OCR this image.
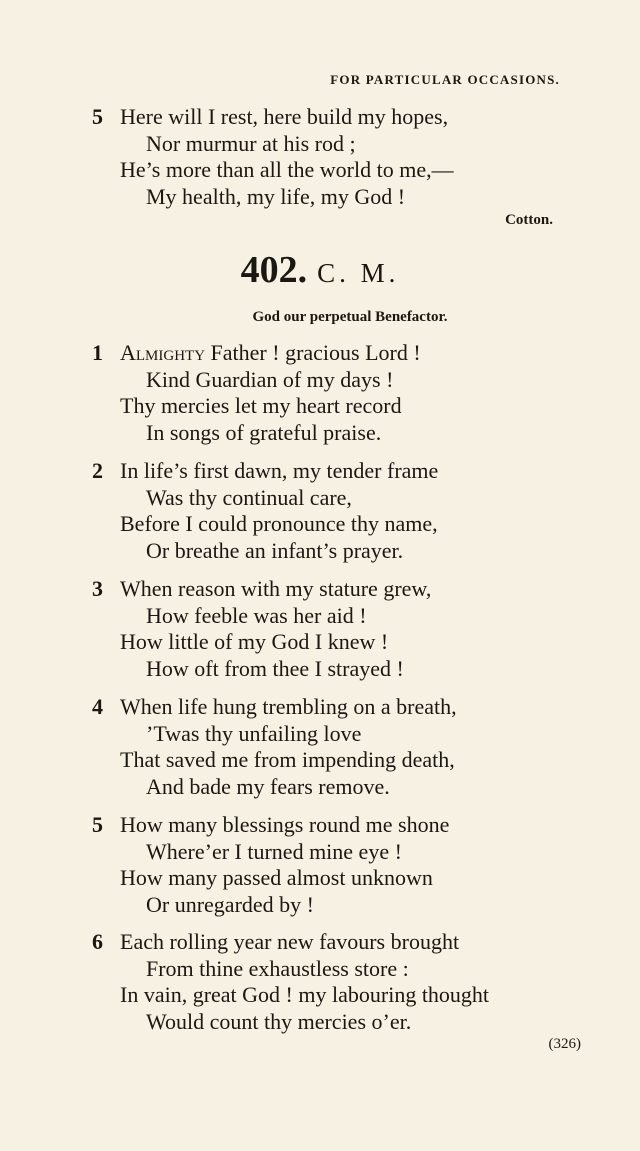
FOR PARTICULAR OCCASIONS.
5 Here will I rest, here build my hopes,
Nor murmur at his rod ;
He’s more than all the world to me,—
My health, my life, my God !
Cotton.
402. C. M.
God our perpetual Benefactor.
1 Almighty Father ! gracious Lord !
Kind Guardian of my days !
Thy mercies let my heart record
In songs of grateful praise.
2 In life’s first dawn, my tender frame
Was thy continual care,
Before I could pronounce thy name,
Or breathe an infant’s prayer.
3 When reason with my stature grew,
How feeble was her aid !
How little of my God I knew !
How oft from thee I strayed !
4 When life hung trembling on a breath,
’Twas thy unfailing love
That saved me from impending death,
And bade my fears remove.
5 How many blessings round me shone
Where’er I turned mine eye !
How many passed almost unknown
Or unregarded by !
6 Each rolling year new favours brought
From thine exhaustless store :
In vain, great God ! my labouring thought
Would count thy mercies o’er.
(326)
